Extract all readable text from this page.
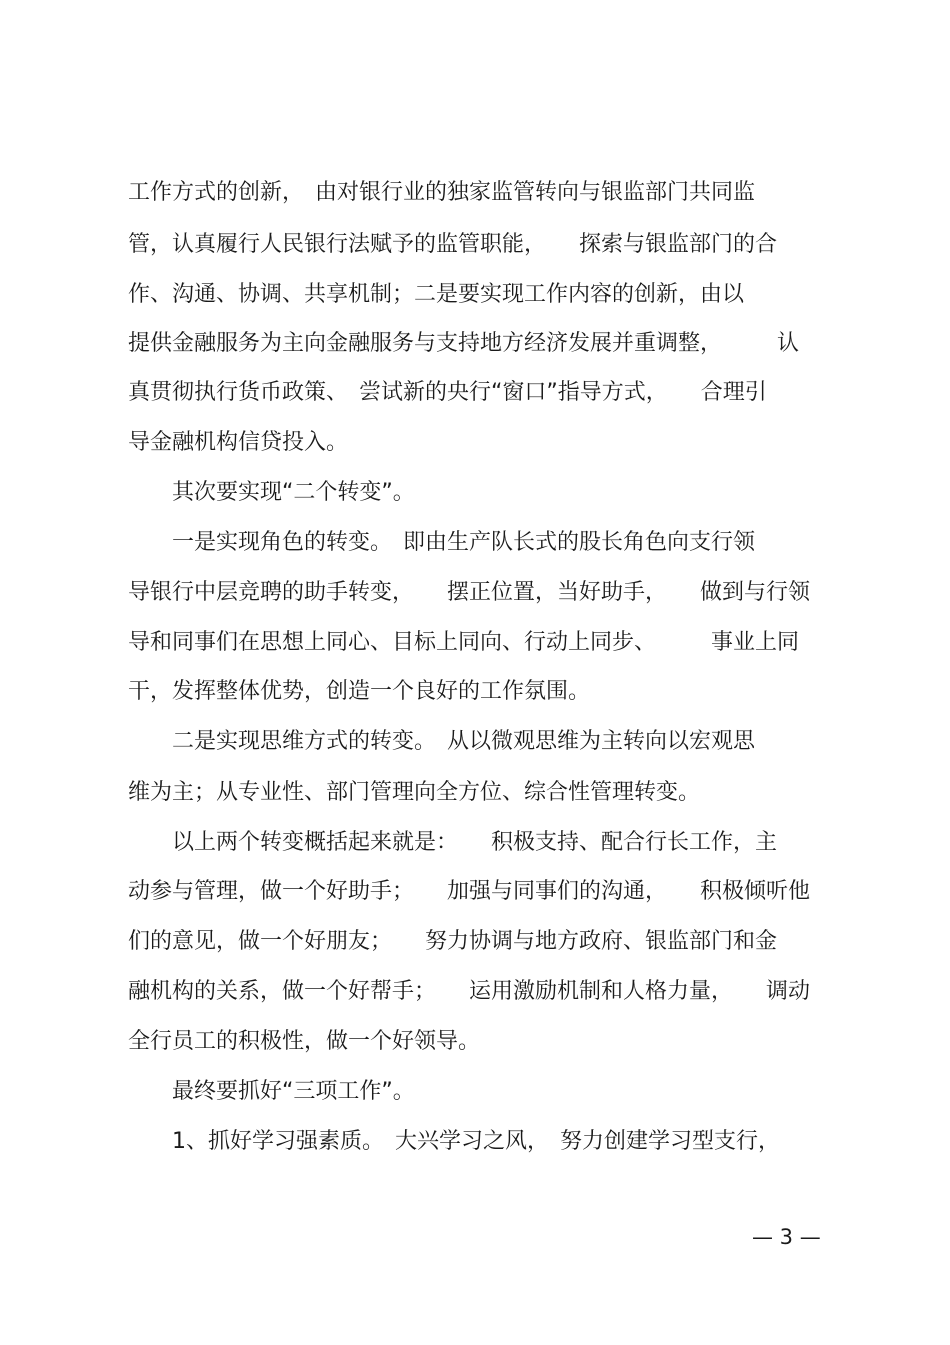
工作方式的创新，　由对银行业的独家监管转向与银监部门共同监
管，认真履行人民银行法赋予的监管职能，　　探索与银监部门的合
作、沟通、协调、共享机制；二是要实现工作内容的创新，由以
提供金融服务为主向金融服务与支持地方经济发展并重调整，　　　认
真贯彻执行货币政策、　尝试新的央行“窗口”指导方式，　　合理引
导金融机构信贷投入。
　　其次要实现“二个转变”。
　　一是实现角色的转变。　即由生产队长式的股长角色向支行领
导银行中层竞聘的助手转变，　　摆正位置，当好助手，　　做到与行领
导和同事们在思想上同心、目标上同向、行动上同步、　　　事业上同
干，发挥整体优势，创造一个良好的工作氛围。
　　二是实现思维方式的转变。　从以微观思维为主转向以宏观思
维为主；从专业性、部门管理向全方位、综合性管理转变。
　　以上两个转变概括起来就是：　　积极支持、配合行长工作，主
动参与管理，做一个好助手；　　加强与同事们的沟通，　　积极倾听他
们的意见，做一个好朋友；　　努力协调与地方政府、银监部门和金
融机构的关系，做一个好帮手；　　运用激励机制和人格力量，　　调动
全行员工的积极性，做一个好领导。
　　最终要抓好“三项工作”。
　　1、抓好学习强素质。　大兴学习之风，　努力创建学习型支行，
— 3 —
